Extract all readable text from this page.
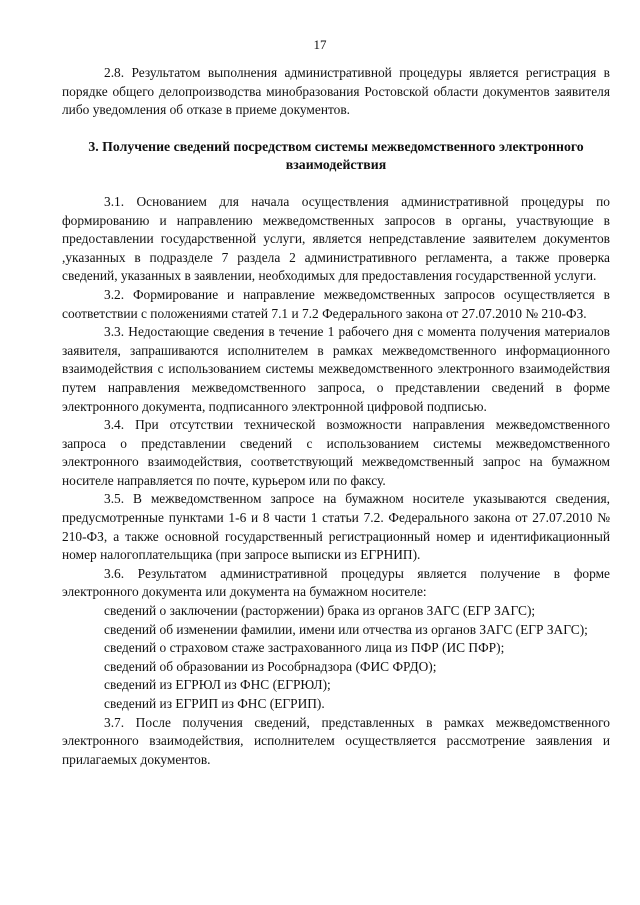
17

2.8. Результатом выполнения административной процедуры является регистрация в порядке общего делопроизводства минобразования Ростовской области документов заявителя либо уведомления об отказе в приеме документов.

3. Получение сведений посредством системы межведомственного электронного взаимодействия

3.1. Основанием для начала осуществления административной процедуры по формированию и направлению межведомственных запросов в органы, участвующие в предоставлении государственной услуги, является непредставление заявителем документов ,указанных в подразделе 7 раздела 2 административного регламента, а также проверка сведений, указанных в заявлении, необходимых для предоставления государственной услуги.

3.2. Формирование и направление межведомственных запросов осуществляется в соответствии с положениями статей 7.1 и 7.2 Федерального закона от 27.07.2010 № 210-ФЗ.

3.3. Недостающие сведения в течение 1 рабочего дня с момента получения материалов заявителя, запрашиваются исполнителем в рамках межведомственного информационного взаимодействия с использованием системы межведомственного электронного взаимодействия путем направления межведомственного запроса, о представлении сведений в форме электронного документа, подписанного электронной цифровой подписью.

3.4. При отсутствии технической возможности направления межведомственного запроса о представлении сведений с использованием системы межведомственного электронного взаимодействия, соответствующий межведомственный запрос на бумажном носителе направляется по почте, курьером или по факсу.

3.5. В межведомственном запросе на бумажном носителе указываются сведения, предусмотренные пунктами 1-6 и 8 части 1 статьи 7.2. Федерального закона от 27.07.2010 № 210-ФЗ, а также основной государственный регистрационный номер и идентификационный номер налогоплательщика (при запросе выписки из ЕГРНИП).

3.6. Результатом административной процедуры является получение в форме электронного документа или документа на бумажном носителе:

сведений о заключении (расторжении) брака из органов ЗАГС (ЕГР ЗАГС);

сведений об изменении фамилии, имени или отчества из органов ЗАГС (ЕГР ЗАГС);

сведений о страховом стаже застрахованного лица из ПФР (ИС ПФР);

сведений об образовании из Рособрнадзора (ФИС ФРДО);

сведений из ЕГРЮЛ из ФНС (ЕГРЮЛ);

сведений из ЕГРИП из ФНС (ЕГРИП).

3.7. После получения сведений, представленных в рамках межведомственного электронного взаимодействия, исполнителем осуществляется рассмотрение заявления и прилагаемых документов.
